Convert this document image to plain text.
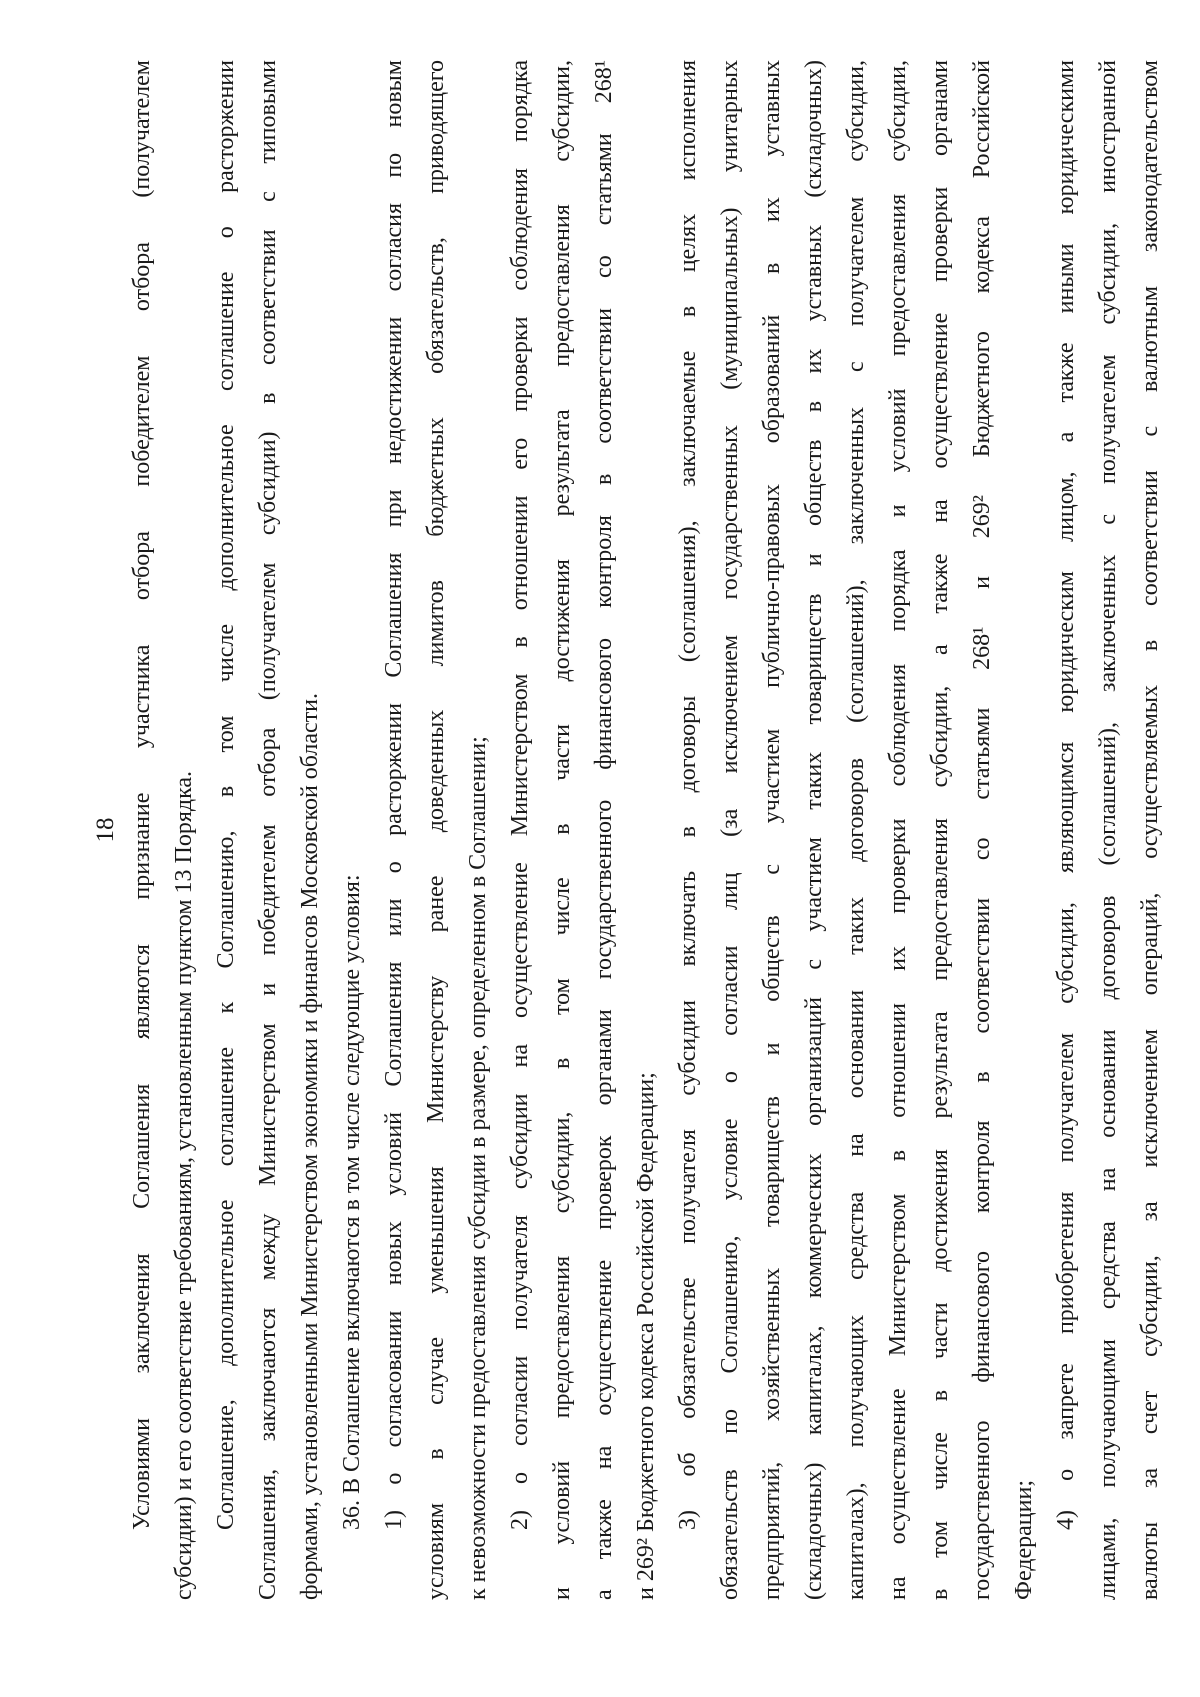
18 Условиями заключения Соглашения являются признание участника отбора победителем отбора (получателем субсидии) и его соответствие требованиям, установленным пунктом 13 Порядка. Соглашение, дополнительное соглашение к Соглашению, в том числе дополнительное соглашение о расторжении Соглашения, заключаются между Министерством и победителем отбора (получателем субсидии) в соответствии с типовыми формами, установленными Министерством экономики и финансов Московской области. 36. В Соглашение включаются в том числе следующие условия: 1) о согласовании новых условий Соглашения или о расторжении Соглашения при недостижении согласия по новым условиям в случае уменьшения Министерству ранее доведенных лимитов бюджетных обязательств, приводящего к невозможности предоставления субсидии в размере, определенном в Соглашении; 2) о согласии получателя субсидии на осуществление Министерством в отношении его проверки соблюдения порядка и условий предоставления субсидии, в том числе в части достижения результата предоставления субсидии, а также на осуществление проверок органами государственного финансового контроля в соответствии со статьями 268¹ и 269² Бюджетного кодекса Российской Федерации; 3) об обязательстве получателя субсидии включать в договоры (соглашения), заключаемые в целях исполнения обязательств по Соглашению, условие о согласии лиц (за исключением государственных (муниципальных) унитарных предприятий, хозяйственных товариществ и обществ с участием публично-правовых образований в их уставных (складочных) капиталах, коммерческих организаций с участием таких товариществ и обществ в их уставных (складочных) капиталах), получающих средства на основании таких договоров (соглашений), заключенных с получателем субсидии, на осуществление Министерством в отношении их проверки соблюдения порядка и условий предоставления субсидии, в том числе в части достижения результата предоставления субсидии, а также на осуществление проверки органами государственного финансового контроля в соответствии со статьями 268¹ и 269² Бюджетного кодекса Российской Федерации;
4) о запрете приобретения получателем субсидии, являющимся юридическим лицом, а также иными юридическими лицами, получающими средства на основании договоров (соглашений), заключенных с получателем субсидии, иностранной валюты за счет субсидии, за исключением операций, осуществляемых в соответствии с валютным законодательством
